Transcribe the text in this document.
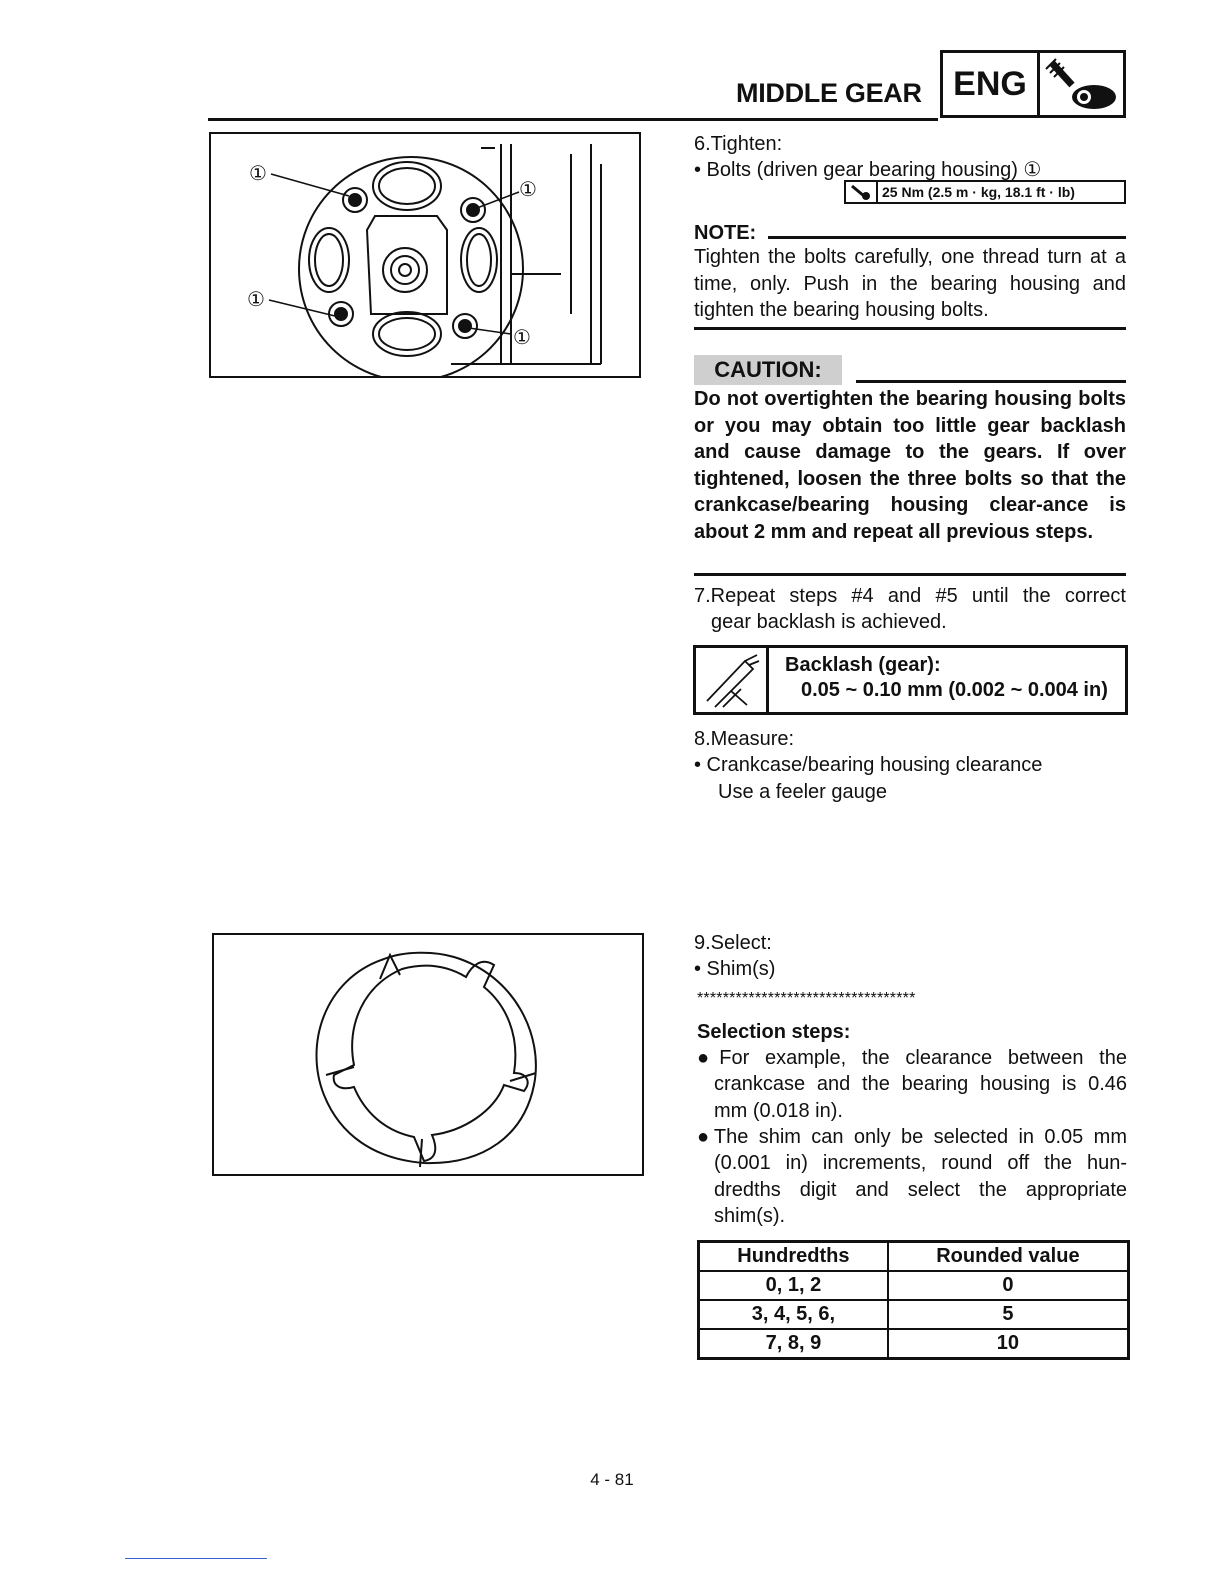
MIDDLE GEAR ENG
①
①
①
①
6.Tighten:
• Bolts (driven gear bearing housing) ①
25 Nm (2.5 m · kg, 18.1 ft · lb)
NOTE:
Tighten the bolts carefully, one thread turn at a time, only. Push in the bearing housing and tighten the bearing housing bolts.
CAUTION:
Do not overtighten the bearing housing bolts or you may obtain too little gear backlash and cause damage to the gears. If over tightened, loosen the three bolts so that the crankcase/bearing housing clear-ance is about 2 mm and repeat all previous steps.
7.Repeat steps #4 and #5 until the correct
gear backlash is achieved.
Backlash (gear):
0.05 ~ 0.10 mm (0.002 ~ 0.004 in)
8.Measure:
• Crankcase/bearing housing clearance
Use a feeler gauge
9.Select:
• Shim(s)
**********************************
Selection steps:
●For example, the clearance between the
crankcase and the bearing housing is 0.46 mm (0.018 in).
●The shim can only be selected in 0.05 mm
(0.001 in) increments, round off the hun-dredths digit and select the appropriate shim(s).
Hundredths	Rounded value
0, 1, 2	0
3, 4, 5, 6,	5
7, 8, 9	10
4 - 81
